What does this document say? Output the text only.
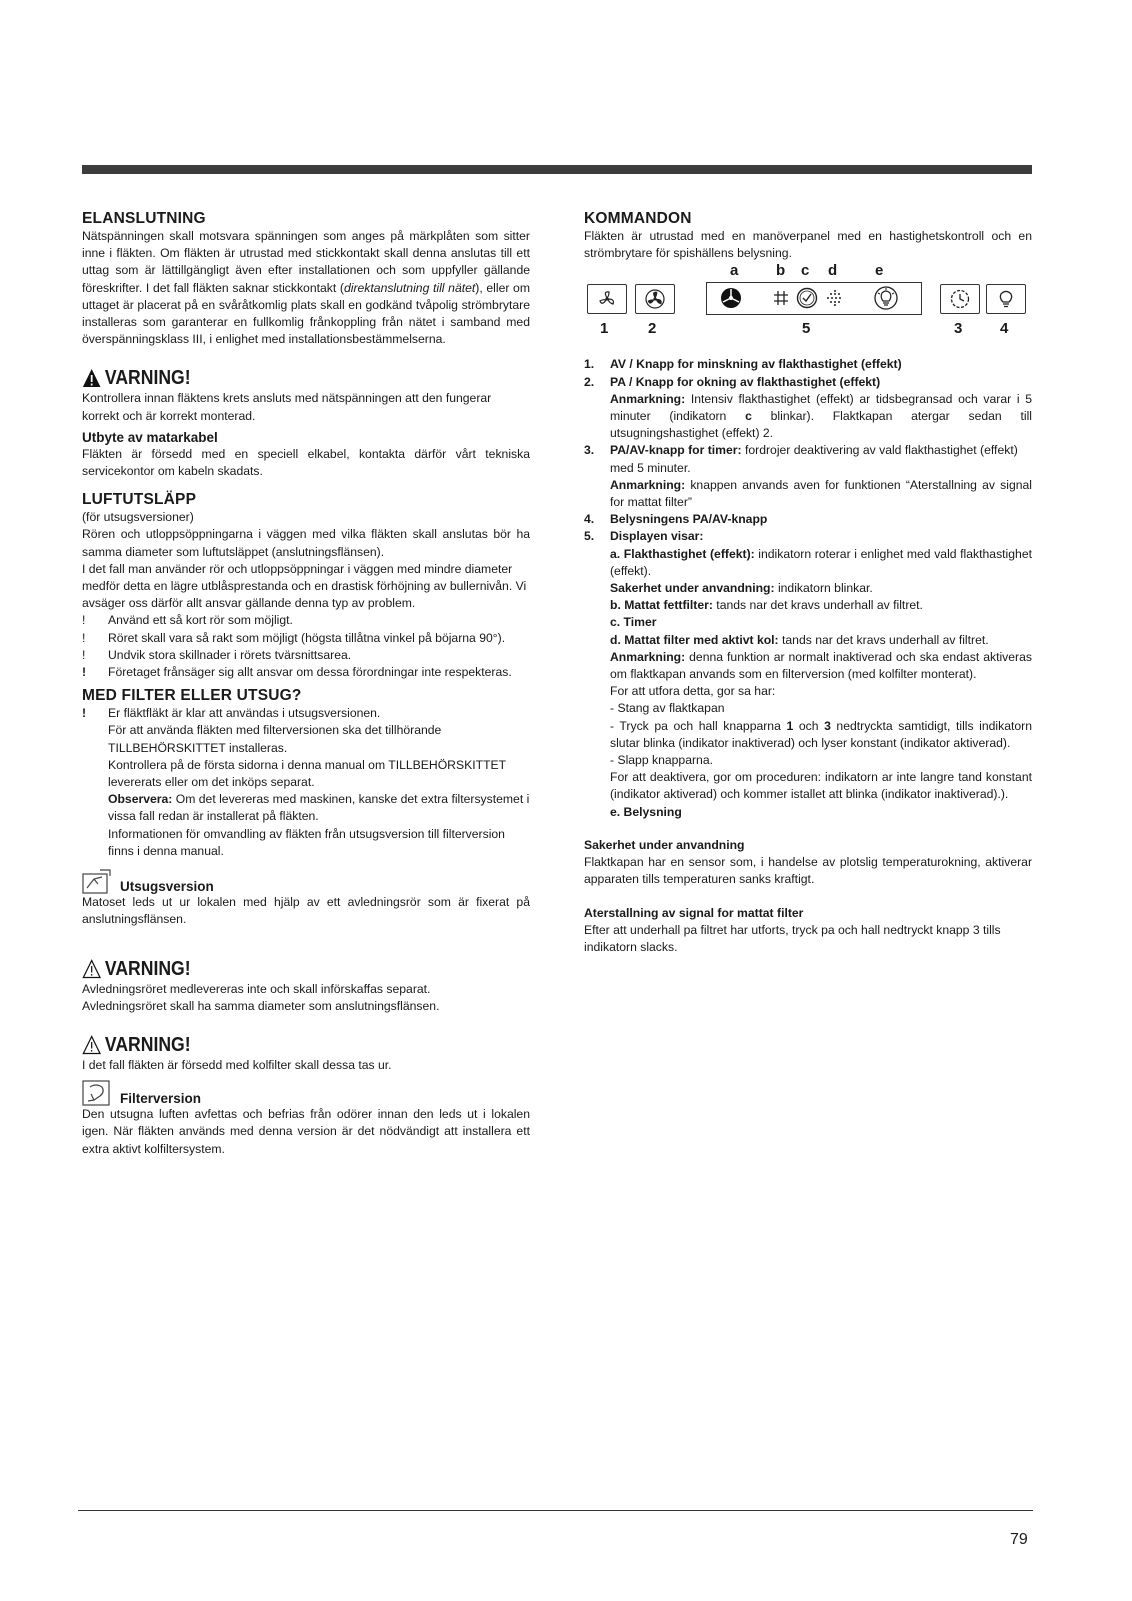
ELANSLUTNING

Nätspänningen skall motsvara spänningen som anges på märkplåten som sitter inne i fläkten. Om fläkten är utrustad med stickkontakt skall denna anslutas till ett uttag som är lättillgängligt även efter installationen och som uppfyller gällande föreskrifter. I det fall fläkten saknar stickkontakt (direktanslutning till nätet), eller om uttaget är placerat på en svåråtkomlig plats skall en godkänd tvåpolig strömbrytare installeras som garanterar en fullkomlig frånkoppling från nätet i samband med överspänningsklass III, i enlighet med installationsbestämmelserna.

VARNING!

Kontrollera innan fläktens krets ansluts med nätspänningen att den fungerar korrekt och är korrekt monterad.

Utbyte av matarkabel

Fläkten är försedd med en speciell elkabel, kontakta därför vårt tekniska servicekontor om kabeln skadats.

LUFTUTSLÄPP

(för utsugsversioner)

Rören och utloppsöppningarna i väggen med vilka fläkten skall anslutas bör ha samma diameter som luftutsläppet (anslutningsflänsen).

I det fall man använder rör och utloppsöppningar i väggen med mindre diameter medför detta en lägre utblåsprestanda och en drastisk förhöjning av bullernivån. Vi avsäger oss därför allt ansvar gällande denna typ av problem.

!	Använd ett så kort rör som möjligt.
!	Röret skall vara så rakt som möjligt (högsta tillåtna vinkel på böjarna 90°).
!	Undvik stora skillnader i rörets tvärsnittsarea.
!	Företaget frånsäger sig allt ansvar om dessa förordningar inte respekteras.

MED FILTER ELLER UTSUG?

!	Er fläktfläkt är klar att användas i utsugsversionen.
För att använda fläkten med filterversionen ska det tillhörande TILLBEHÖRSKITTET installeras.
Kontrollera på de första sidorna i denna manual om TILLBEHÖRSKITTET levererats eller om det inköps separat.
Observera: Om det levereras med maskinen, kanske det extra filtersystemet i vissa fall redan är installerat på fläkten.
Informationen för omvandling av fläkten från utsugsversion till filterversion finns i denna manual.
Utsugsversion

Matoset leds ut ur lokalen med hjälp av ett avledningsrör som är fixerat på anslutningsflänsen.

VARNING!

Avledningsröret medlevereras inte och skall införskaffas separat.

Avledningsröret skall ha samma diameter som anslutningsflänsen.

VARNING!

I det fall fläkten är försedd med kolfilter skall dessa tas ur.

Filterversion

Den utsugna luften avfettas och befrias från odörer innan den leds ut i lokalen igen. När fläkten används med denna version är det nödvändigt att installera ett extra aktivt kolfiltersystem.

KOMMANDON

Fläkten är utrustad med en manöverpanel med en hastighetskontroll och en strömbrytare för spishällens belysning.

a	b c d	e
1	2	5	3	4
1.	AV / Knapp for minskning av flakthastighet (effekt)
2.	PA / Knapp for okning av flakthastighet (effekt)
Anmarkning: Intensiv flakthastighet (effekt) ar tidsbegransad och varar i 5 minuter (indikatorn c blinkar). Flaktkapan atergar sedan till utsugningshastighet (effekt) 2.
3.	PA/AV-knapp for timer: fordrojer deaktivering av vald flakthastighet (effekt) med 5 minuter.
Anmarkning: knappen anvands aven for funktionen “Aterstallning av signal for mattat filter”
4.	Belysningens PA/AV-knapp
5.	Displayen visar:

a. Flakthastighet (effekt): indikatorn roterar i enlighet med vald flakthastighet (effekt).

Sakerhet under anvandning: indikatorn blinkar.

b. Mattat fettfilter: tands nar det kravs underhall av filtret.

c. Timer

d. Mattat filter med aktivt kol: tands nar det kravs underhall av filtret.

Anmarkning: denna funktion ar normalt inaktiverad och ska endast aktiveras om flaktkapan anvands som en filterversion (med kolfilter monterat).

For att utfora detta, gor sa har:

- Stang av flaktkapan

- Tryck pa och hall knapparna 1 och 3 nedtryckta samtidigt, tills indikatorn slutar blinka (indikator inaktiverad) och lyser konstant (indikator aktiverad).

- Slapp knapparna.

For att deaktivera, gor om proceduren: indikatorn ar inte langre tand konstant (indikator aktiverad) och kommer istallet att blinka (indikator inaktiverad).).

e. Belysning

Sakerhet under anvandning

Flaktkapan har en sensor som, i handelse av plotslig temperaturokning, aktiverar apparaten tills temperaturen sanks kraftigt.

Aterstallning av signal for mattat filter

Efter att underhall pa filtret har utforts, tryck pa och hall nedtryckt knapp 3 tills indikatorn slacks.

79
